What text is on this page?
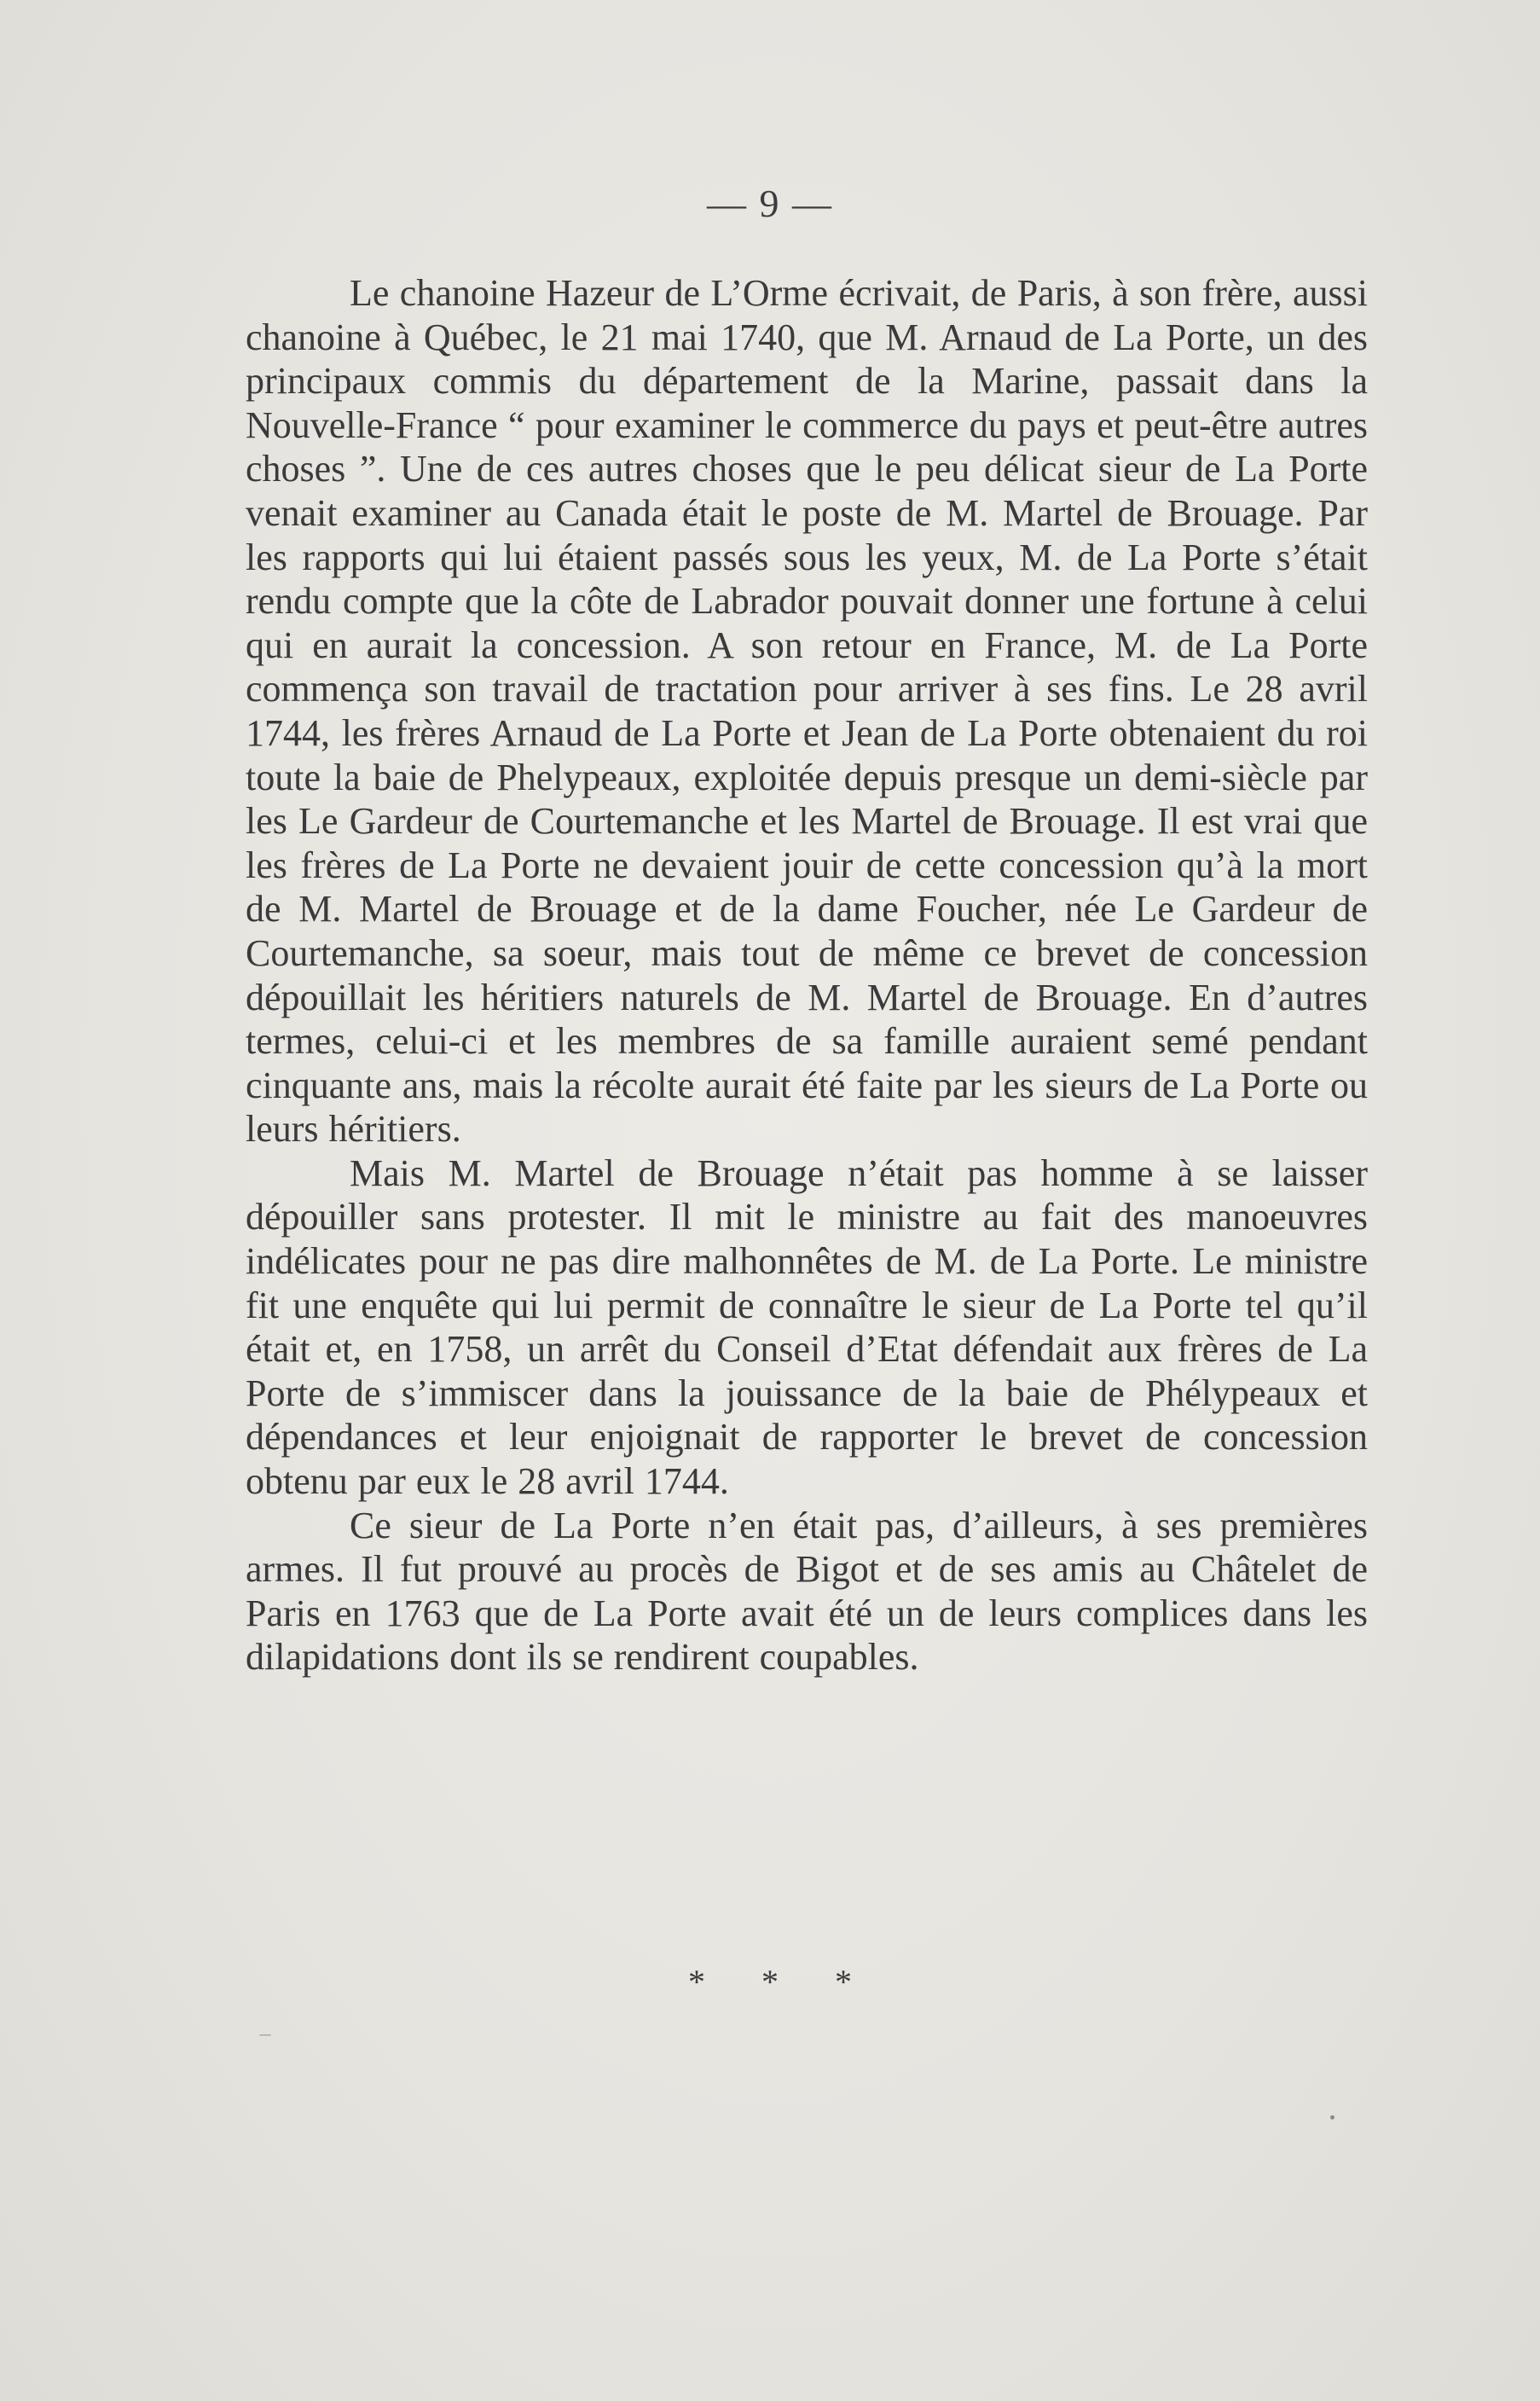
— 9 —

Le chanoine Hazeur de L’Orme écrivait, de Paris, à son frère, aussi chanoine à Québec, le 21 mai 1740, que M. Arnaud de La Porte, un des principaux commis du département de la Marine, passait dans la Nouvelle-France “ pour examiner le commerce du pays et peut-être autres choses ”. Une de ces autres choses que le peu délicat sieur de La Porte venait examiner au Canada était le poste de M. Martel de Brouage. Par les rapports qui lui étaient passés sous les yeux, M. de La Porte s’était rendu compte que la côte de Labrador pouvait donner une fortune à celui qui en aurait la concession. A son retour en France, M. de La Porte commença son travail de tractation pour arriver à ses fins. Le 28 avril 1744, les frères Arnaud de La Porte et Jean de La Porte obtenaient du roi toute la baie de Phelypeaux, exploitée depuis presque un demi-siècle par les Le Gardeur de Courtemanche et les Martel de Brouage. Il est vrai que les frères de La Porte ne devaient jouir de cette concession qu’à la mort de M. Martel de Brouage et de la dame Foucher, née Le Gardeur de Courtemanche, sa soeur, mais tout de même ce brevet de concession dépouillait les héritiers naturels de M. Martel de Brouage. En d’autres termes, celui-ci et les membres de sa famille auraient semé pendant cinquante ans, mais la récolte aurait été faite par les sieurs de La Porte ou leurs héritiers.

Mais M. Martel de Brouage n’était pas homme à se laisser dépouiller sans protester. Il mit le ministre au fait des manoeuvres indélicates pour ne pas dire malhonnêtes de M. de La Porte. Le ministre fit une enquête qui lui permit de connaître le sieur de La Porte tel qu’il était et, en 1758, un arrêt du Conseil d’Etat défendait aux frères de La Porte de s’immiscer dans la jouissance de la baie de Phélypeaux et dépendances et leur enjoignait de rapporter le brevet de concession obtenu par eux le 28 avril 1744.

Ce sieur de La Porte n’en était pas, d’ailleurs, à ses premières armes. Il fut prouvé au procès de Bigot et de ses amis au Châtelet de Paris en 1763 que de La Porte avait été un de leurs complices dans les dilapidations dont ils se rendirent coupables.

* * *
